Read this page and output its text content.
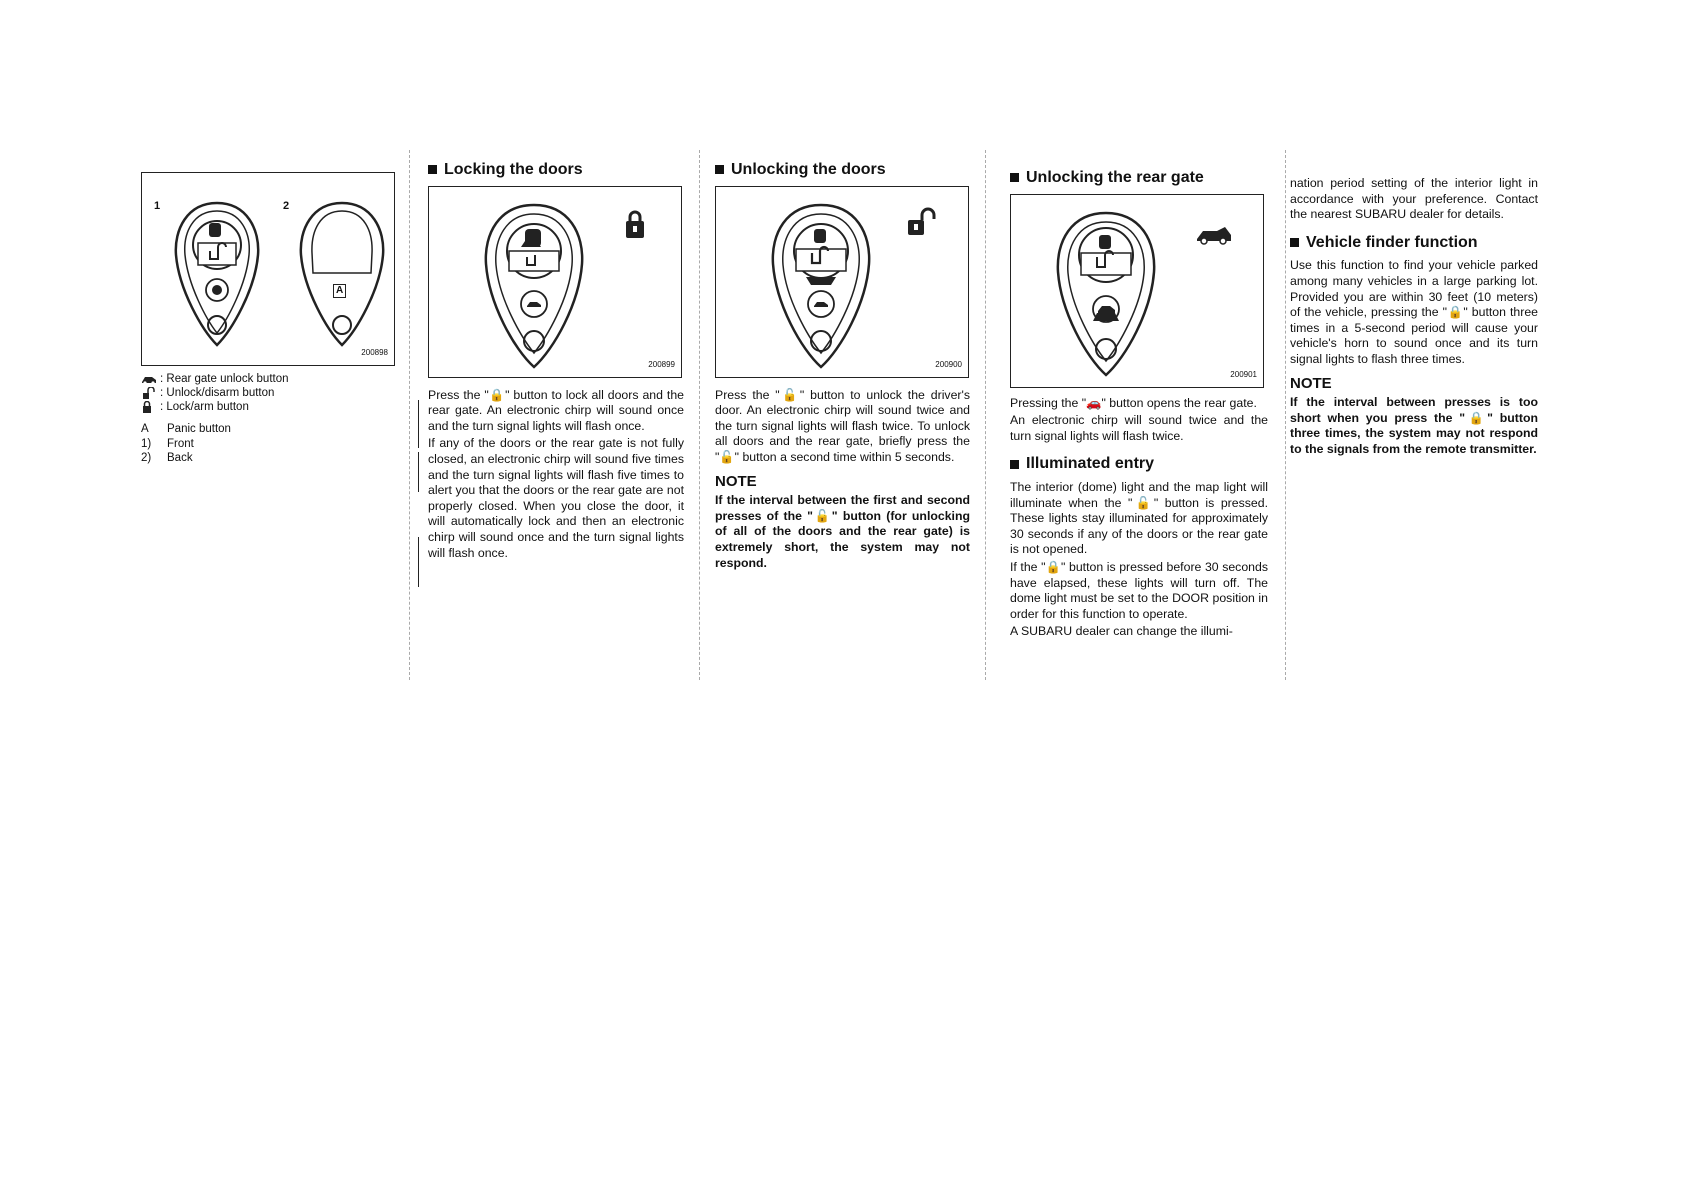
1	2
A
200898
: Rear gate unlock button
: Unlock/disarm button
: Lock/arm button
A	Panic button
1)	Front
2)	Back
Locking the doors
200899

Press the "🔒" button to lock all doors and the rear gate. An electronic chirp will sound once and the turn signal lights will flash once.

If any of the doors or the rear gate is not fully closed, an electronic chirp will sound five times and the turn signal lights will flash five times to alert you that the doors or the rear gate are not properly closed. When you close the door, it will automatically lock and then an electronic chirp will sound once and the turn signal lights will flash once.

Unlocking the doors
200900

Press the "🔓" button to unlock the driver's door. An electronic chirp will sound twice and the turn signal lights will flash twice. To unlock all doors and the rear gate, briefly press the "🔓" button a second time within 5 seconds.

NOTE

If the interval between the first and second presses of the "🔓" button (for unlocking of all of the doors and the rear gate) is extremely short, the system may not respond.

Unlocking the rear gate
200901

Pressing the "🚗" button opens the rear gate.

An electronic chirp will sound twice and the turn signal lights will flash twice.

Illuminated entry

The interior (dome) light and the map light will illuminate when the "🔓" button is pressed. These lights stay illuminated for approximately 30 seconds if any of the doors or the rear gate is not opened.

If the "🔒" button is pressed before 30 seconds have elapsed, these lights will turn off. The dome light must be set to the DOOR position in order for this function to operate.

A SUBARU dealer can change the illumi-

nation period setting of the interior light in accordance with your preference. Contact the nearest SUBARU dealer for details.

Vehicle finder function

Use this function to find your vehicle parked among many vehicles in a large parking lot. Provided you are within 30 feet (10 meters) of the vehicle, pressing the "🔒" button three times in a 5-second period will cause your vehicle's horn to sound once and its turn signal lights to flash three times.

NOTE

If the interval between presses is too short when you press the "🔒" button three times, the system may not respond to the signals from the remote transmitter.
